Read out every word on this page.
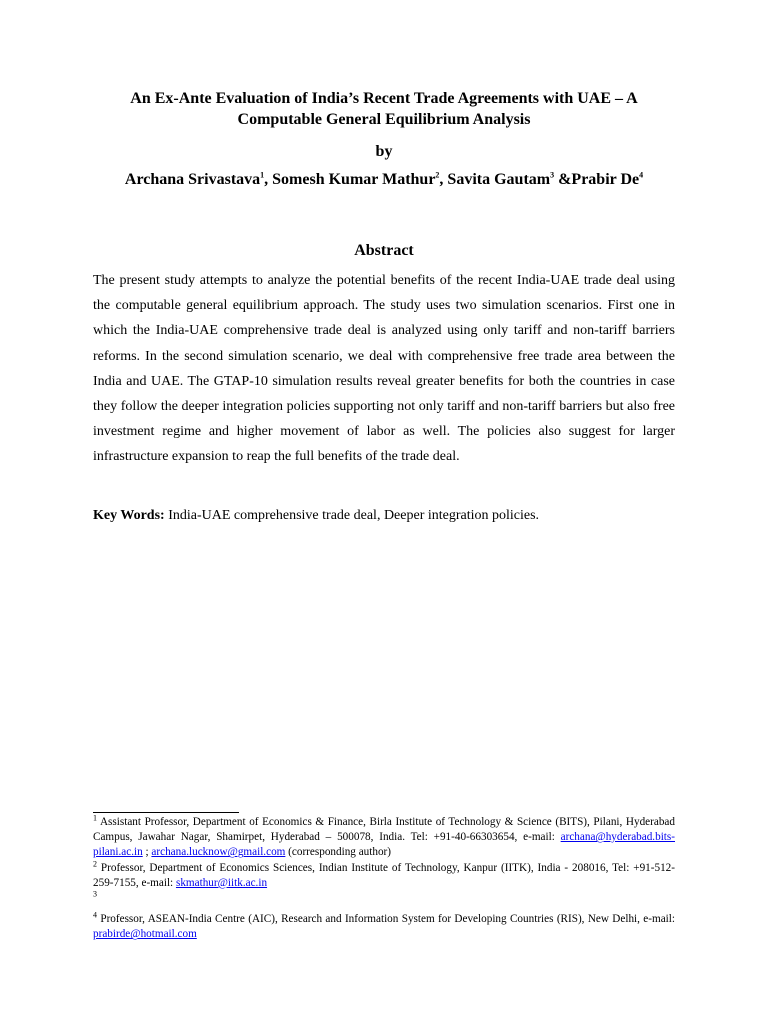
An Ex-Ante Evaluation of India’s Recent Trade Agreements with UAE – A Computable General Equilibrium Analysis

by

Archana Srivastava$^1$, Somesh Kumar Mathur$^2$, Savita Gautam$^3$ &Prabir De$^4$

Abstract

The present study attempts to analyze the potential benefits of the recent India-UAE trade deal using the computable general equilibrium approach. The study uses two simulation scenarios. First one in which the India-UAE comprehensive trade deal is analyzed using only tariff and non-tariff barriers reforms. In the second simulation scenario, we deal with comprehensive free trade area between the India and UAE. The GTAP-10 simulation results reveal greater benefits for both the countries in case they follow the deeper integration policies supporting not only tariff and non-tariff barriers but also free investment regime and higher movement of labor as well. The policies also suggest for larger infrastructure expansion to reap the full benefits of the trade deal.

Key Words: India-UAE comprehensive trade deal, Deeper integration policies.

$^1$ Assistant Professor, Department of Economics & Finance, Birla Institute of Technology & Science (BITS), Pilani, Hyderabad Campus, Jawahar Nagar, Shamirpet, Hyderabad – 500078, India. Tel: +91-40-66303654, e-mail: archana@hyderabad.bits-pilani.ac.in ; archana.lucknow@gmail.com (corresponding author)

$^2$ Professor, Department of Economics Sciences, Indian Institute of Technology, Kanpur (IITK), India - 208016, Tel: +91-512-259-7155, e-mail: skmathur@iitk.ac.in

$^3$

$^4$ Professor, ASEAN-India Centre (AIC), Research and Information System for Developing Countries (RIS), New Delhi, e-mail: prabirde@hotmail.com
